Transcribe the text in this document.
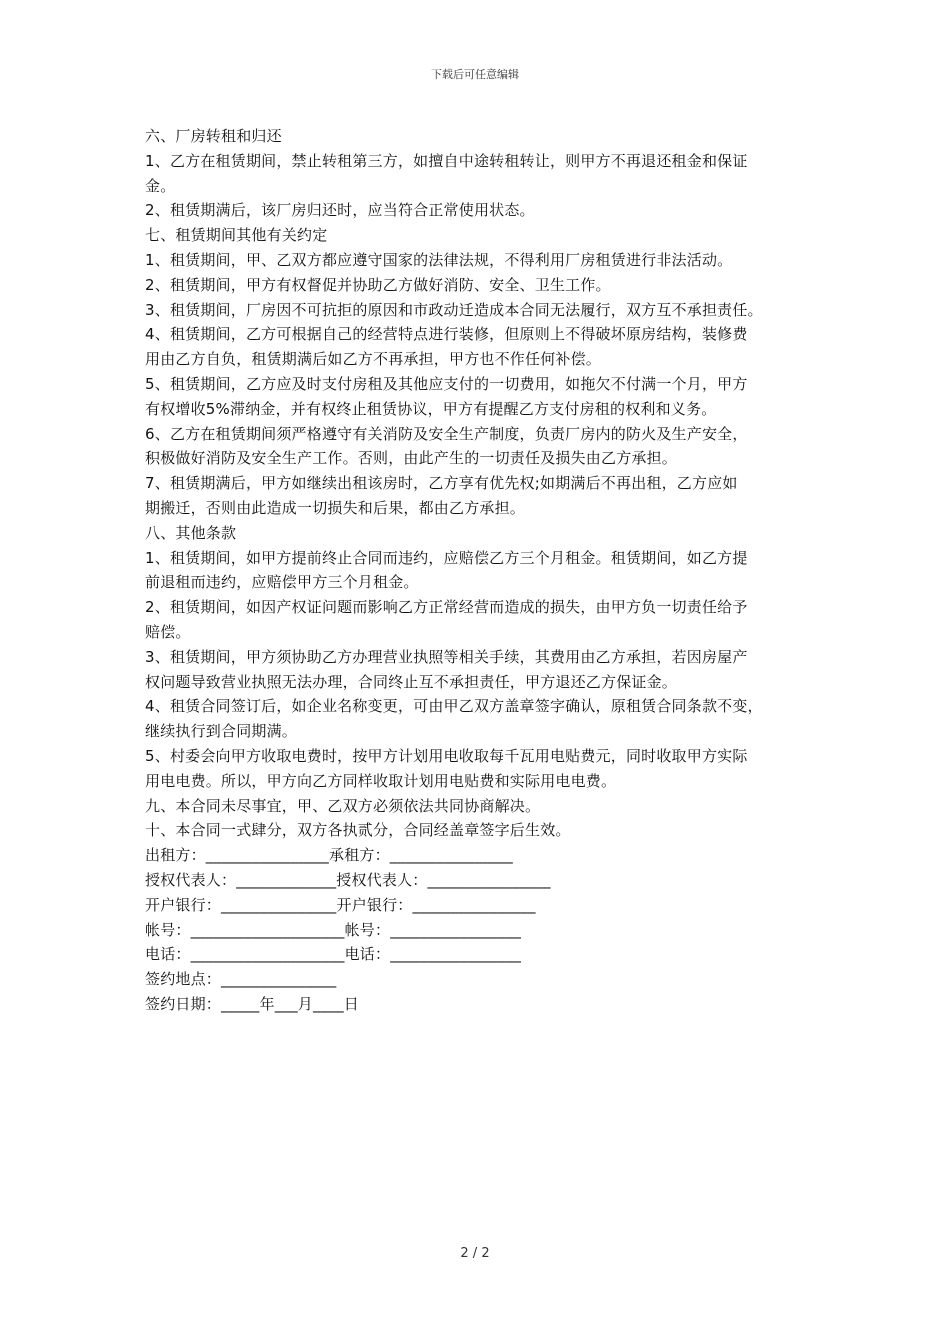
下载后可任意编辑
六、厂房转租和归还
1、乙方在租赁期间，禁止转租第三方，如擅自中途转租转让，则甲方不再退还租金和保证
金。
2、租赁期满后，该厂房归还时，应当符合正常使用状态。
七、租赁期间其他有关约定
1、租赁期间，甲、乙双方都应遵守国家的法律法规，不得利用厂房租赁进行非法活动。
2、租赁期间，甲方有权督促并协助乙方做好消防、安全、卫生工作。
3、租赁期间，厂房因不可抗拒的原因和市政动迁造成本合同无法履行，双方互不承担责任。
4、租赁期间，乙方可根据自己的经营特点进行装修，但原则上不得破坏原房结构，装修费
用由乙方自负，租赁期满后如乙方不再承担，甲方也不作任何补偿。
5、租赁期间，乙方应及时支付房租及其他应支付的一切费用，如拖欠不付满一个月，甲方
有权增收5%滞纳金，并有权终止租赁协议，甲方有提醒乙方支付房租的权利和义务。
6、乙方在租赁期间须严格遵守有关消防及安全生产制度，负责厂房内的防火及生产安全，
积极做好消防及安全生产工作。否则，由此产生的一切责任及损失由乙方承担。
7、租赁期满后，甲方如继续出租该房时，乙方享有优先权;如期满后不再出租，乙方应如
期搬迁，否则由此造成一切损失和后果，都由乙方承担。
八、其他条款
1、租赁期间，如甲方提前终止合同而违约，应赔偿乙方三个月租金。租赁期间，如乙方提
前退租而违约，应赔偿甲方三个月租金。
2、租赁期间，如因产权证问题而影响乙方正常经营而造成的损失，由甲方负一切责任给予
赔偿。
3、租赁期间，甲方须协助乙方办理营业执照等相关手续，其费用由乙方承担，若因房屋产
权问题导致营业执照无法办理，合同终止互不承担责任，甲方退还乙方保证金。
4、租赁合同签订后，如企业名称变更，可由甲乙双方盖章签字确认，原租赁合同条款不变，
继续执行到合同期满。
5、村委会向甲方收取电费时，按甲方计划用电收取每千瓦用电贴费元，同时收取甲方实际
用电电费。所以，甲方向乙方同样收取计划用电贴费和实际用电电费。
九、本合同未尽事宜，甲、乙双方必须依法共同协商解决。
十、本合同一式肆分，双方各执贰分，合同经盖章签字后生效。
出租方：________________承租方：________________
授权代表人：_____________授权代表人：________________
开户银行：_______________开户银行：________________
帐号：____________________帐号：_________________
电话：____________________电话：_________________
签约地点：_______________
签约日期：_____年___月____日
2 / 2
